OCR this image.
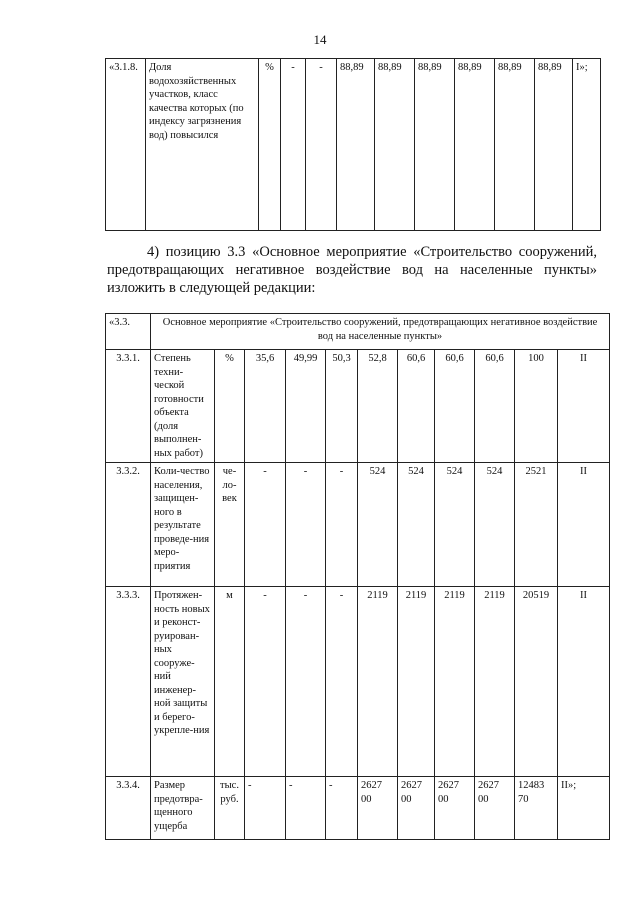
14
«3.1.8.	Доля водохозяйственных участков, класс качества которых (по индексу загрязнения вод) повысился	%	-	-	88,89	88,89	88,89	88,89	88,89	88,89	I»;
4) позицию 3.3 «Основное мероприятие «Строительство сооружений,
предотвращающих негативное воздействие вод на населенные пункты»
изложить в следующей редакции:
«3.3.	Основное мероприятие «Строительство сооружений, предотвращающих негативное воздействие вод на населенные пункты»										
3.3.1.	Степень техни-ческой готовности объекта (доля выполнен-ных работ)	%	35,6	49,99	50,3	52,8	60,6	60,6	60,6	100	II
3.3.2.	Коли-чество населения, защищен-ного в результате проведе-ния меро-приятия	че-ло-век	-	-	-	524	524	524	524	2521	II
3.3.3.	Протяжен-ность новых и реконст-руирован-ных сооруже-ний инженер-ной защиты и берего-укрепле-ния	м	-	-	-	2119	2119	2119	2119	20519	II
3.3.4.	Размер предотвра-щенного ущерба	тыс. руб.	-	-	-	2627 00	2627 00	2627 00	2627 00	12483 70	II»;
